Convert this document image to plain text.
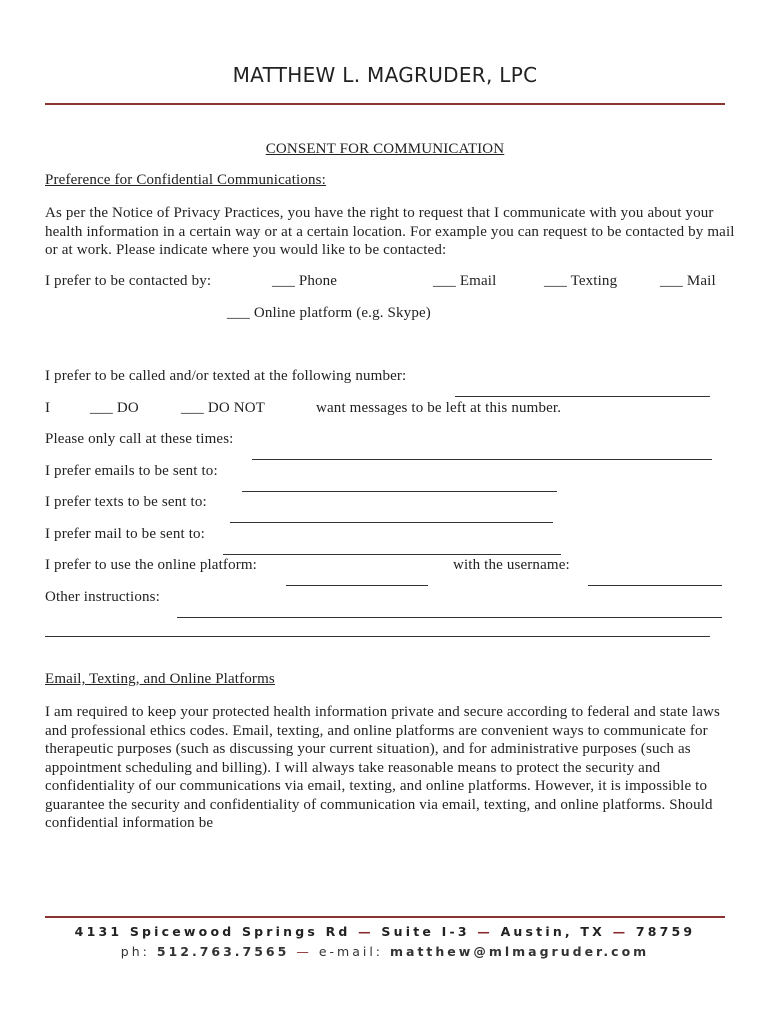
MATTHEW L. MAGRUDER, LPC
CONSENT FOR COMMUNICATION
Preference for Confidential Communications:
As per the Notice of Privacy Practices, you have the right to request that I communicate with you about your health information in a certain way or at a certain location. For example you can request to be contacted by mail or at work. Please indicate where you would like to be contacted:
I prefer to be contacted by:	___ Phone	___ Email	___ Texting	___ Mail
___ Online platform (e.g. Skype)
I prefer to be called and/or texted at the following number:
I	___ DO	___ DO NOT	want messages to be left at this number.
Please only call at these times:
I prefer emails to be sent to:
I prefer texts to be sent to:
I prefer mail to be sent to:
I prefer to use the online platform:	with the username:
Other instructions:
Email, Texting, and Online Platforms
I am required to keep your protected health information private and secure according to federal and state laws and professional ethics codes. Email, texting, and online platforms are convenient ways to communicate for therapeutic purposes (such as discussing your current situation), and for administrative purposes (such as appointment scheduling and billing). I will always take reasonable means to protect the security and confidentiality of our communications via email, texting, and online platforms. However, it is impossible to guarantee the security and confidentiality of communication via email, texting, and online platforms. Should confidential information be
4131 Spicewood Springs Rd — Suite I-3 — Austin, TX — 78759
ph: 512.763.7565 — e-mail: matthew@mlmagruder.com
